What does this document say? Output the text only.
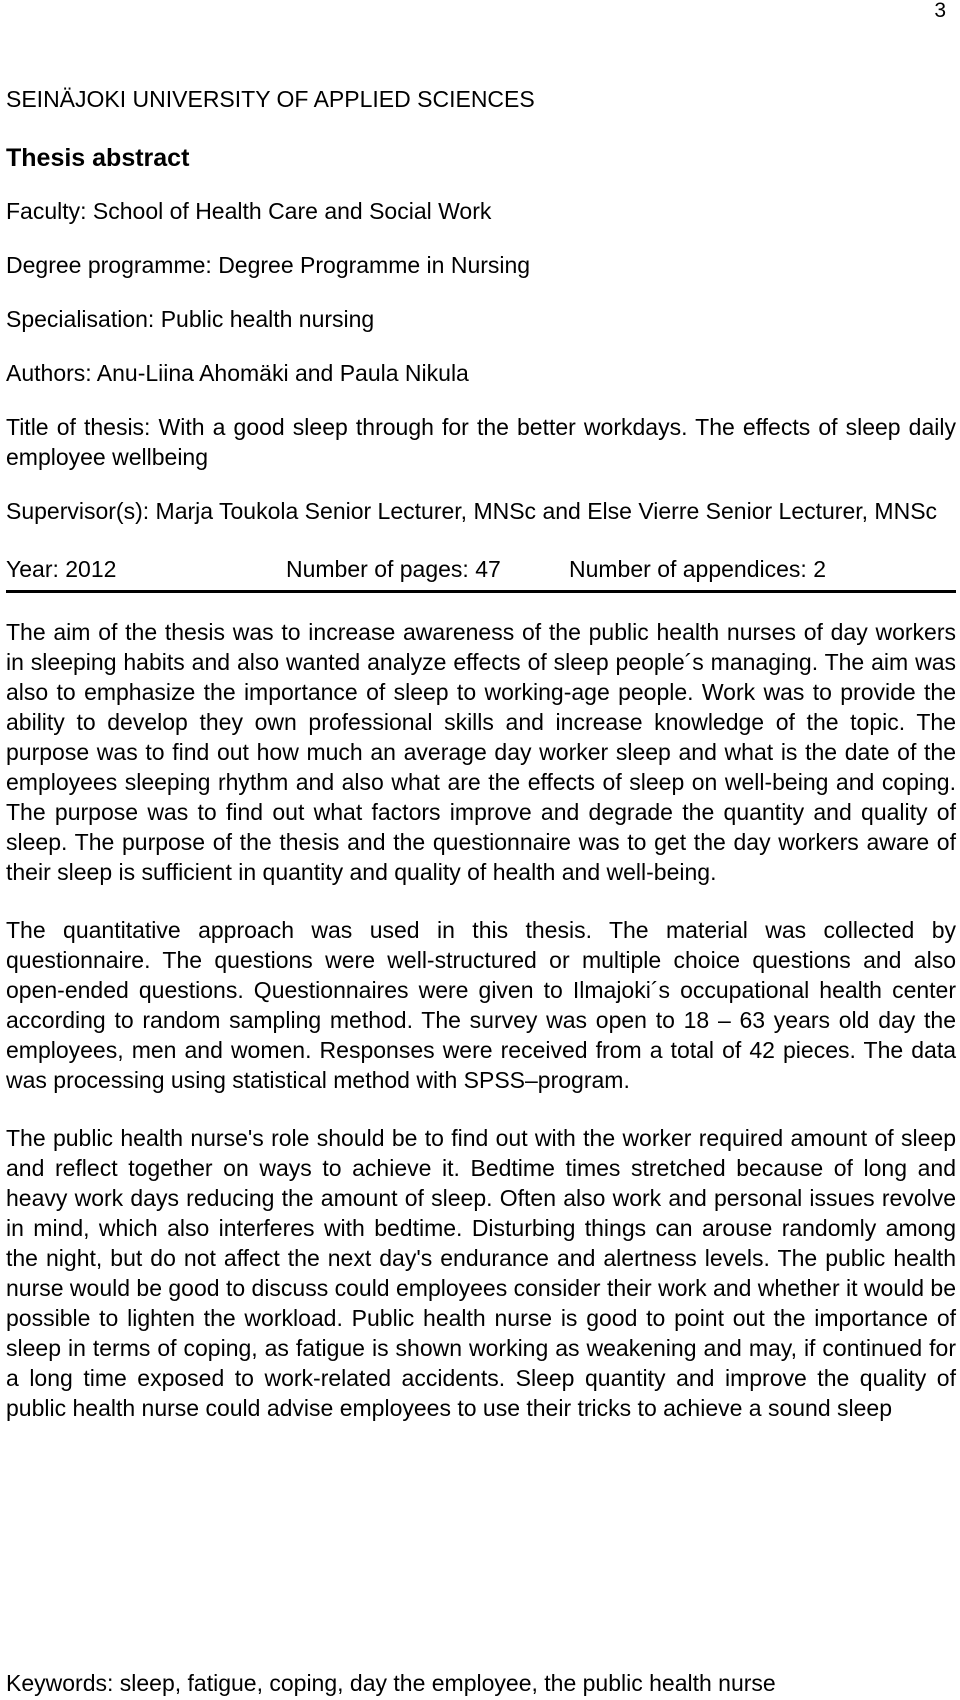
3
SEINÄJOKI UNIVERSITY OF APPLIED SCIENCES
Thesis abstract
Faculty: School of Health Care and Social Work
Degree programme: Degree Programme in Nursing
Specialisation: Public health nursing
Authors: Anu-Liina Ahomäki and Paula Nikula
Title of thesis: With a good sleep through for the better workdays. The effects of sleep daily employee wellbeing
Supervisor(s): Marja Toukola Senior Lecturer, MNSc and Else Vierre Senior Lecturer, MNSc
Year: 2012	Number of pages: 47	Number of appendices: 2

The aim of the thesis was to increase awareness of the public health nurses of day workers in sleeping habits and also wanted analyze effects of sleep people´s managing. The aim was also to emphasize the importance of sleep to working-age people. Work was to provide the ability to develop they own professional skills and increase knowledge of the topic. The purpose was to find out how much an average day worker sleep and what is the date of the employees sleeping rhythm and also what are the effects of sleep on well-being and coping. The purpose was to find out what factors improve and degrade the quantity and quality of sleep. The purpose of the thesis and the questionnaire was to get the day workers aware of their sleep is sufficient in quantity and quality of health and well-being.

The quantitative approach was used in this thesis. The material was collected by questionnaire. The questions were well-structured or multiple choice questions and also open-ended questions. Questionnaires were given to Ilmajoki´s occupational health center according to random sampling method. The survey was open to 18 – 63 years old day the employees, men and women. Responses were received from a total of 42 pieces. The data was processing using statistical method with SPSS–program.

The public health nurse's role should be to find out with the worker required amount of sleep and reflect together on ways to achieve it. Bedtime times stretched because of long and heavy work days reducing the amount of sleep. Often also work and personal issues revolve in mind, which also interferes with bedtime. Disturbing things can arouse randomly among the night, but do not affect the next day's endurance and alertness levels. The public health nurse would be good to discuss could employees consider their work and whether it would be possible to lighten the workload. Public health nurse is good to point out the importance of sleep in terms of coping, as fatigue is shown working as weakening and may, if continued for a long time exposed to work-related accidents. Sleep quantity and improve the quality of public health nurse could advise employees to use their tricks to achieve a sound sleep

Keywords: sleep, fatigue, coping, day the employee, the public health nurse
